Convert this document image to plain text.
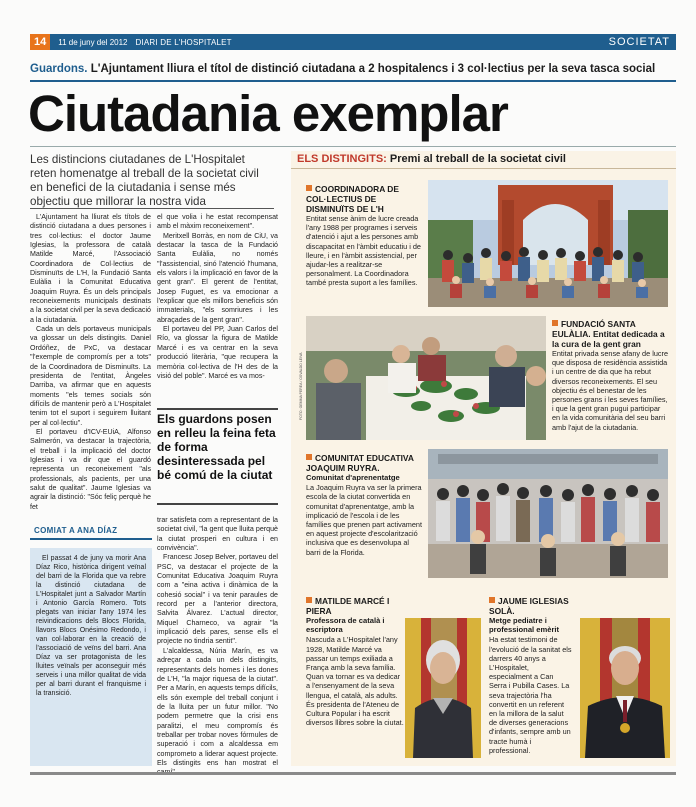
14	11 de juny del 2012 DIARI DE L'HOSPITALET	SOCIETAT
Guardons. L'Ajuntament lliura el títol de distinció ciutadana a 2 hospitalencs i 3 col·lectius per la seva tasca social
Ciutadania exemplar
Les distincions ciutadanes de L'Hospitalet reten homenatge al treball de la societat civil en benefici de la ciutadania i sense més objectiu que millorar la nostra vida

L'Ajuntament ha lliurat els títols de distinció ciutadana a dues persones i tres col·lectius: el doctor Jaume Iglesias, la professora de català Matilde Marcé, l'Associació Coordinadora de Col·lectius de Disminuïts de L'H, la Fundació Santa Eulàlia i la Comunitat Educativa Joaquim Ruyra. És un dels principals reconeixements municipals destinats a la societat civil per la seva dedicació a la ciutadania.

Cada un dels portaveus municipals va glossar un dels distingits. Daniel Ordóñez, de PxC, va destacar "l'exemple de compromís per a tots" de la Coordinadora de Disminuïts. La presidenta de l'entitat, Àngeles Darriba, va afirmar que en aquests moments "els temes socials són difícils de mantenir però a L'Hospitalet tenim tot el suport i seguirem lluitant per al col·lectiu".

El portaveu d'ICV-EUiA, Alfonso Salmerón, va destacar la trajectòria, el treball i la implicació del doctor Iglesias i va dir que el guardó representa un reconeixement "als professionals, als pacients, per una salut de qualitat". Jaume Iglesias va agrair la distinció: "Sóc feliç perquè he fet

el que volia i he estat recompensat amb el màxim reconeixement".

Meritxell Borràs, en nom de CiU, va destacar la tasca de la Fundació Santa Eulàlia, no només "l'assistencial, sinó l'atenció l'humana, els valors i la implicació en favor de la gent gran". El gerent de l'entitat, Josep Fuguet, es va emocionar a l'explicar que els millors beneficis són immaterials, "els somriures i les abraçades de la gent gran".

El portaveu del PP, Juan Carlos del Río, va glossar la figura de Matilde Marcé i es va centrar en la seva producció literària, "que recupera la memòria col·lectiva de l'H des de la visió del poble". Marcé es va mos-

Els guardons posen en relleu la feina feta de forma desinteressada pel bé comú de la ciutat

trar satisfeta com a representant de la societat civil, "la gent que lluita perquè la ciutat prosperi en cultura i en convivència".

Francesc Josep Belver, portaveu del PSC, va destacar el projecte de la Comunitat Educativa Joaquim Ruyra com a "eina activa i dinàmica de la cohesió social" i va tenir paraules de record per a l'anterior directora, Salvita Álvarez. L'actual director, Miquel Charneco, va agrair "la implicació dels pares, sense ells el projecte no tindria sentit".

L'alcaldessa, Núria Marín, es va adreçar a cada un dels distingits, representants dels homes i les dones de L'H, "la major riquesa de la ciutat". Per a Marín, en aquests temps difícils, ells són exemple del treball conjunt i de la lluita per un futur millor. "No podem permetre que la crisi ens paralitzi, el meu compromís és treballar per trobar noves fórmules de superació i com a alcaldessa em comprometo a liderar aquest projecte. Els distingits ens han mostrat el

COMIAT A ANA DÍAZ

El passat 4 de juny va morir Ana Díaz Rico, històrica dirigent veïnal del barri de la Florida que va rebre la distinció ciutadana de L'Hospitalet junt a Salvador Martín i Antonio García Romero. Tots plegats van iniciar l'any 1974 les reivindicacions dels Blocs Florida, llavors Blocs Onésimo Redondo, i van col·laborar en la creació de l'associació de veïns del barri. Ana Díaz va ser protagonista de les lluites veïnals per aconseguir més serveis i una millor qualitat de vida per al barri durant el franquisme i la transició.

ELS DISTINGITS: Premi al treball de la societat civil
COORDINADORA DE COL·LECTIUS DE DISMINUÏTS DE L'H
Entitat sense ànim de lucre creada l'any 1988 per programes i serveis d'atenció i ajut a les persones amb discapacitat en l'àmbit educatiu i de lleure, i en l'àmbit assistencial, per ajudar-les a realitzar-se personalment. La Coordinadora també presta suport a les famílies.
FOTO: GEMMA PEREA / OSVALDO LEIVA
FUNDACIÓ SANTA EULÀLIA. Entitat dedicada a la cura de la gent gran
Entitat privada sense afany de lucre que disposa de residència assistida i un centre de dia que ha rebut diversos reconeixements. El seu objectiu és el benestar de les persones grans i les seves famílies, i que la gent gran pugui participar en la vida comunitària del seu barri amb l'ajut de la ciutadania.
COMUNITAT EDUCATIVA JOAQUIM RUYRA.
Comunitat d'aprenentatge
La Joaquim Ruyra va ser la primera escola de la ciutat convertida en comunitat d'aprenentatge, amb la implicació de l'escola i de les famílies que prenen part activament en aquest projecte d'escolarització inclusiva que es desenvolupa al barri de la Florida.
MATILDE MARCÉ I PIERA
Professora de català i escriptora
Nascuda a L'Hospitalet l'any 1928, Matilde Marcé va passar un temps exiliada a França amb la seva família. Quan va tornar es va dedicar a l'ensenyament de la seva llengua, el català, als adults. És presidenta de l'Ateneu de Cultura Popular i ha escrit diversos llibres sobre la ciutat.
JAUME IGLESIAS SOLÀ.
Metge pediatre i professional emèrit
Ha estat testimoni de l'evolució de la sanitat els darrers 40 anys a L'Hospitalet, especialment a Can Serra i Pubilla Cases. La seva trajectòria l'ha convertit en un referent en la millora de la salut de diverses generacions d'infants, sempre amb un tracte humà i professional.
